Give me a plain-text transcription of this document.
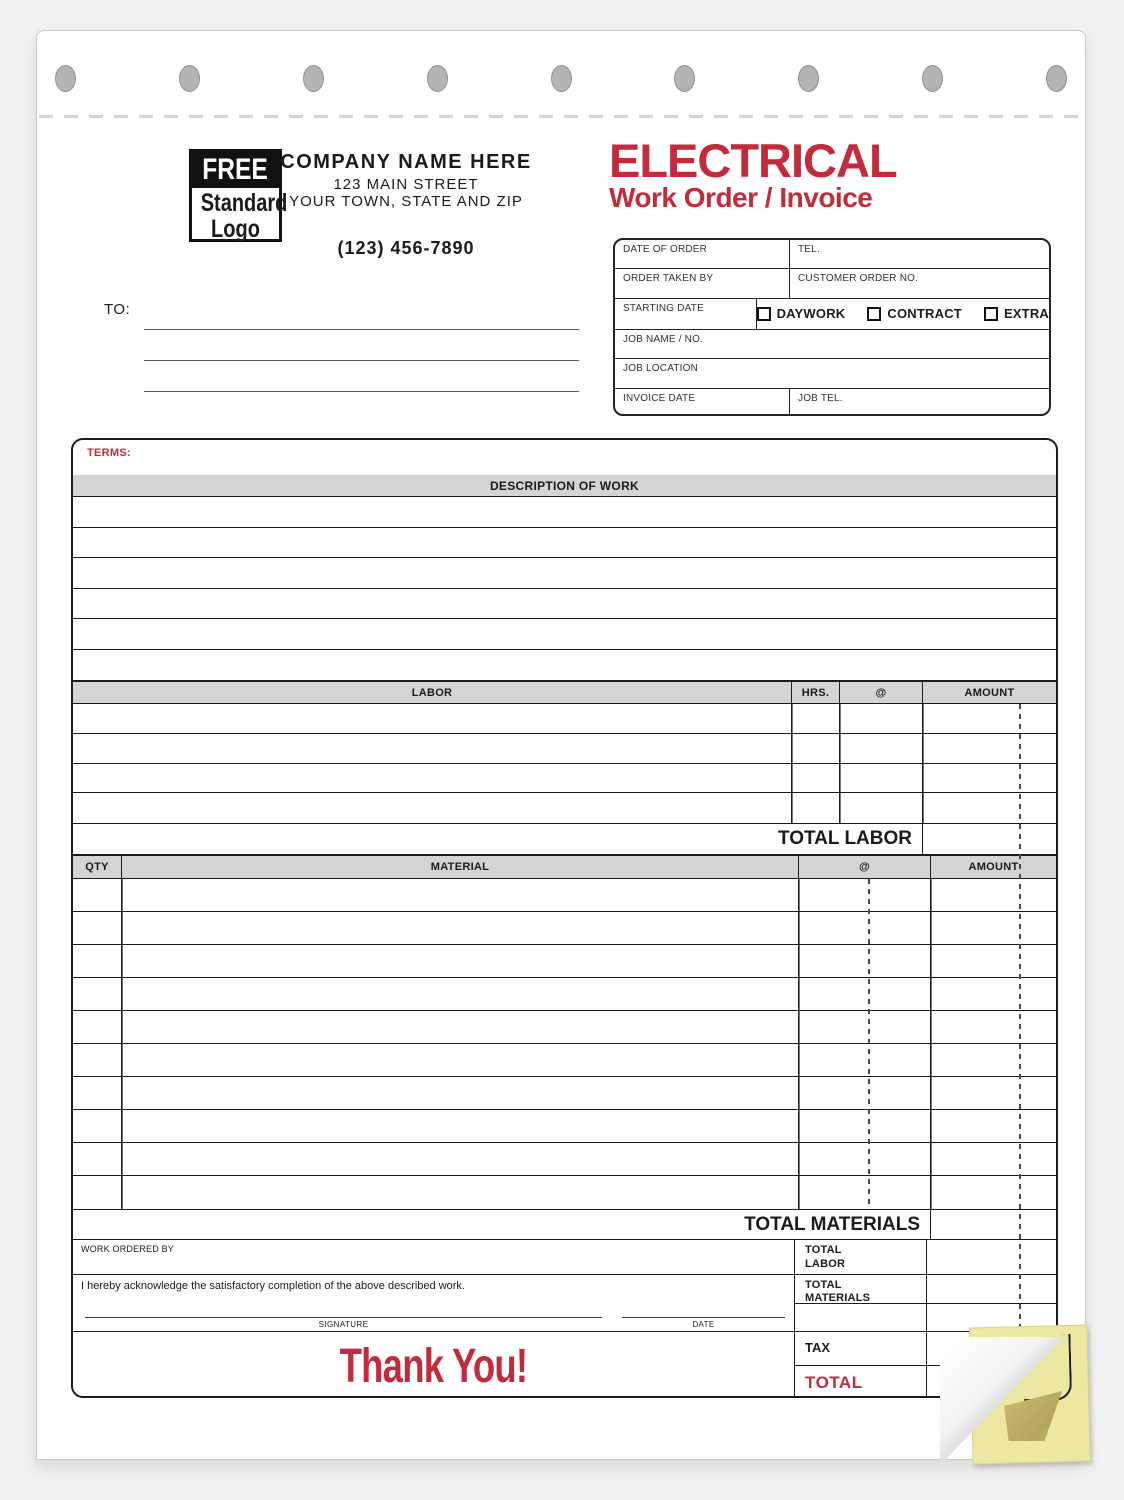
FREE
Standard
Logo
COMPANY NAME HERE
123 MAIN STREET
YOUR TOWN, STATE AND ZIP
(123) 456-7890
ELECTRICAL
Work Order / Invoice
DATE OF ORDER	TEL.
ORDER TAKEN BY	CUSTOMER ORDER NO.
STARTING DATE	DAYWORK	CONTRACT	EXTRA
JOB NAME / NO.
JOB LOCATION
INVOICE DATE	JOB TEL.
TO:
TERMS:
DESCRIPTION OF WORK
LABOR	HRS.	@	AMOUNT
TOTAL LABOR
QTY	MATERIAL	@	AMOUNT
TOTAL MATERIALS
WORK ORDERED BY
I hereby acknowledge the satisfactory completion of the above described work.
SIGNATURE	DATE
Thank You!
TOTAL
LABOR
TOTAL
MATERIALS
TAX
TOTAL
